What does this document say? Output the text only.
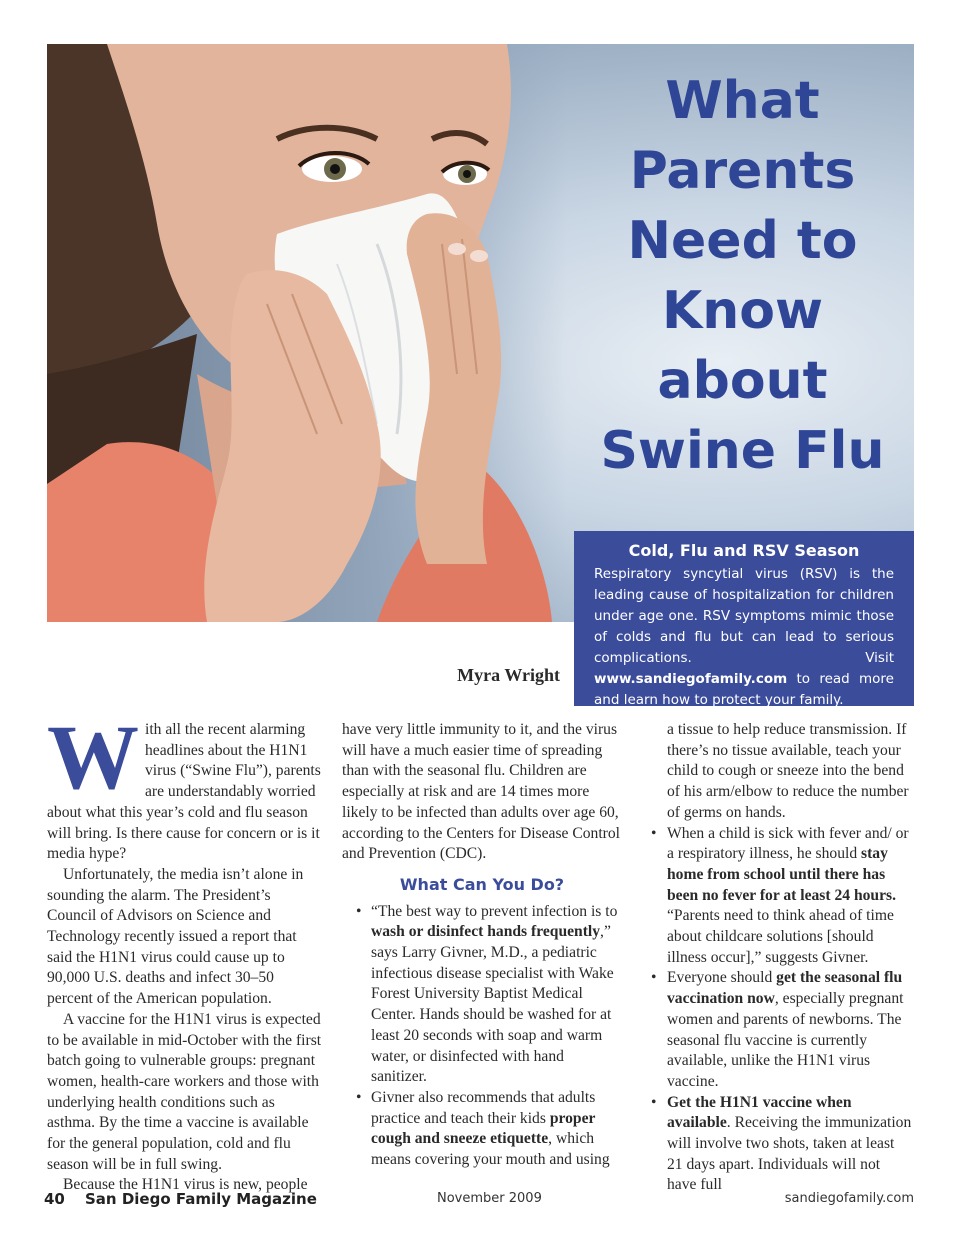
What
Parents
Need to
Know
about
Swine Flu
Cold, Flu and RSV Season

Respiratory syncytial virus (RSV) is the leading cause of hospitalization for children under age one. RSV symptoms mimic those of colds and flu but can lead to serious complications. Visit www.sandiegofamily.com to read more and learn how to protect your family.

Myra Wright

With all the recent alarming headlines about the H1N1 virus (“Swine Flu”), parents are understandably worried about what this year’s cold and flu season will bring. Is there cause for concern or is it media hype?

Unfortunately, the media isn’t alone in sounding the alarm. The President’s Council of Advisors on Science and Technology recently issued a report that said the H1N1 virus could cause up to 90,000 U.S. deaths and infect 30–50 percent of the American population.

A vaccine for the H1N1 virus is expected to be available in mid-October with the first batch going to vulnerable groups: pregnant women, health-care workers and those with underlying health conditions such as asthma. By the time a vaccine is available for the general population, cold and flu season will be in full swing.

Because the H1N1 virus is new, people

have very little immunity to it, and the virus will have a much easier time of spreading than with the seasonal flu. Children are especially at risk and are 14 times more likely to be infected than adults over age 60, according to the Centers for Disease Control and Prevention (CDC).

What Can You Do?

• “The best way to prevent infection is to wash or disinfect hands frequently,” says Larry Givner, M.D., a pediatric infectious disease specialist with Wake Forest University Baptist Medical Center. Hands should be washed for at least 20 seconds with soap and warm water, or disinfected with hand sanitizer.
• Givner also recommends that adults practice and teach their kids proper cough and sneeze etiquette, which means covering your mouth and using

a tissue to help reduce transmission. If there’s no tissue available, teach your child to cough or sneeze into the bend of his arm/elbow to reduce the number of germs on hands.

• When a child is sick with fever and/ or a respiratory illness, he should stay home from school until there has been no fever for at least 24 hours. “Parents need to think ahead of time about childcare solutions [should illness occur],” suggests Givner.
• Everyone should get the seasonal flu vaccination now, especially pregnant women and parents of newborns. The seasonal flu vaccine is currently available, unlike the H1N1 virus vaccine.
• Get the H1N1 vaccine when available. Receiving the immunization will involve two shots, taken at least 21 days apart. Individuals will not have full
40 San Diego Family Magazine	November 2009	sandiegofamily.com
